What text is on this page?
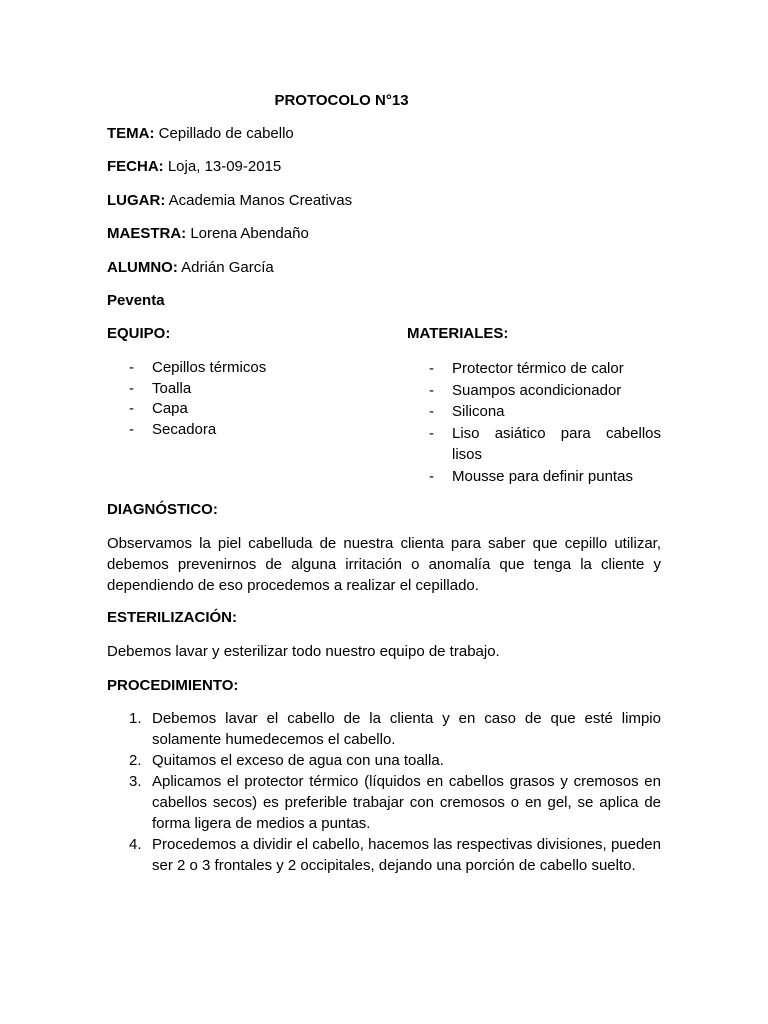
PROTOCOLO N°13
TEMA: Cepillado de cabello
FECHA: Loja, 13-09-2015
LUGAR: Academia Manos Creativas
MAESTRA: Lorena Abendaño
ALUMNO: Adrián García
Peventa
EQUIPO:	MATERIALES:
- Cepillos térmicos
- Toalla
- Capa
- Secadora
- Protector térmico de calor
- Suampos acondicionador
- Silicona
- Liso asiático para cabellos lisos
- Mousse para definir puntas
DIAGNÓSTICO:

Observamos la piel cabelluda de nuestra clienta para saber que cepillo utilizar, debemos prevenirnos de alguna irritación o anomalía que tenga la cliente y dependiendo de eso procedemos a realizar el cepillado.

ESTERILIZACIÓN:

Debemos lavar y esterilizar todo nuestro equipo de trabajo.

PROCEDIMIENTO:
1. Debemos lavar el cabello de la clienta y en caso de que esté limpio solamente humedecemos el cabello.
2. Quitamos el exceso de agua con una toalla.
3. Aplicamos el protector térmico (líquidos en cabellos grasos y cremosos en cabellos secos) es preferible trabajar con cremosos o en gel, se aplica de forma ligera de medios a puntas.
4. Procedemos a dividir el cabello, hacemos las respectivas divisiones, pueden ser 2 o 3 frontales y 2 occipitales, dejando una porción de cabello suelto.
